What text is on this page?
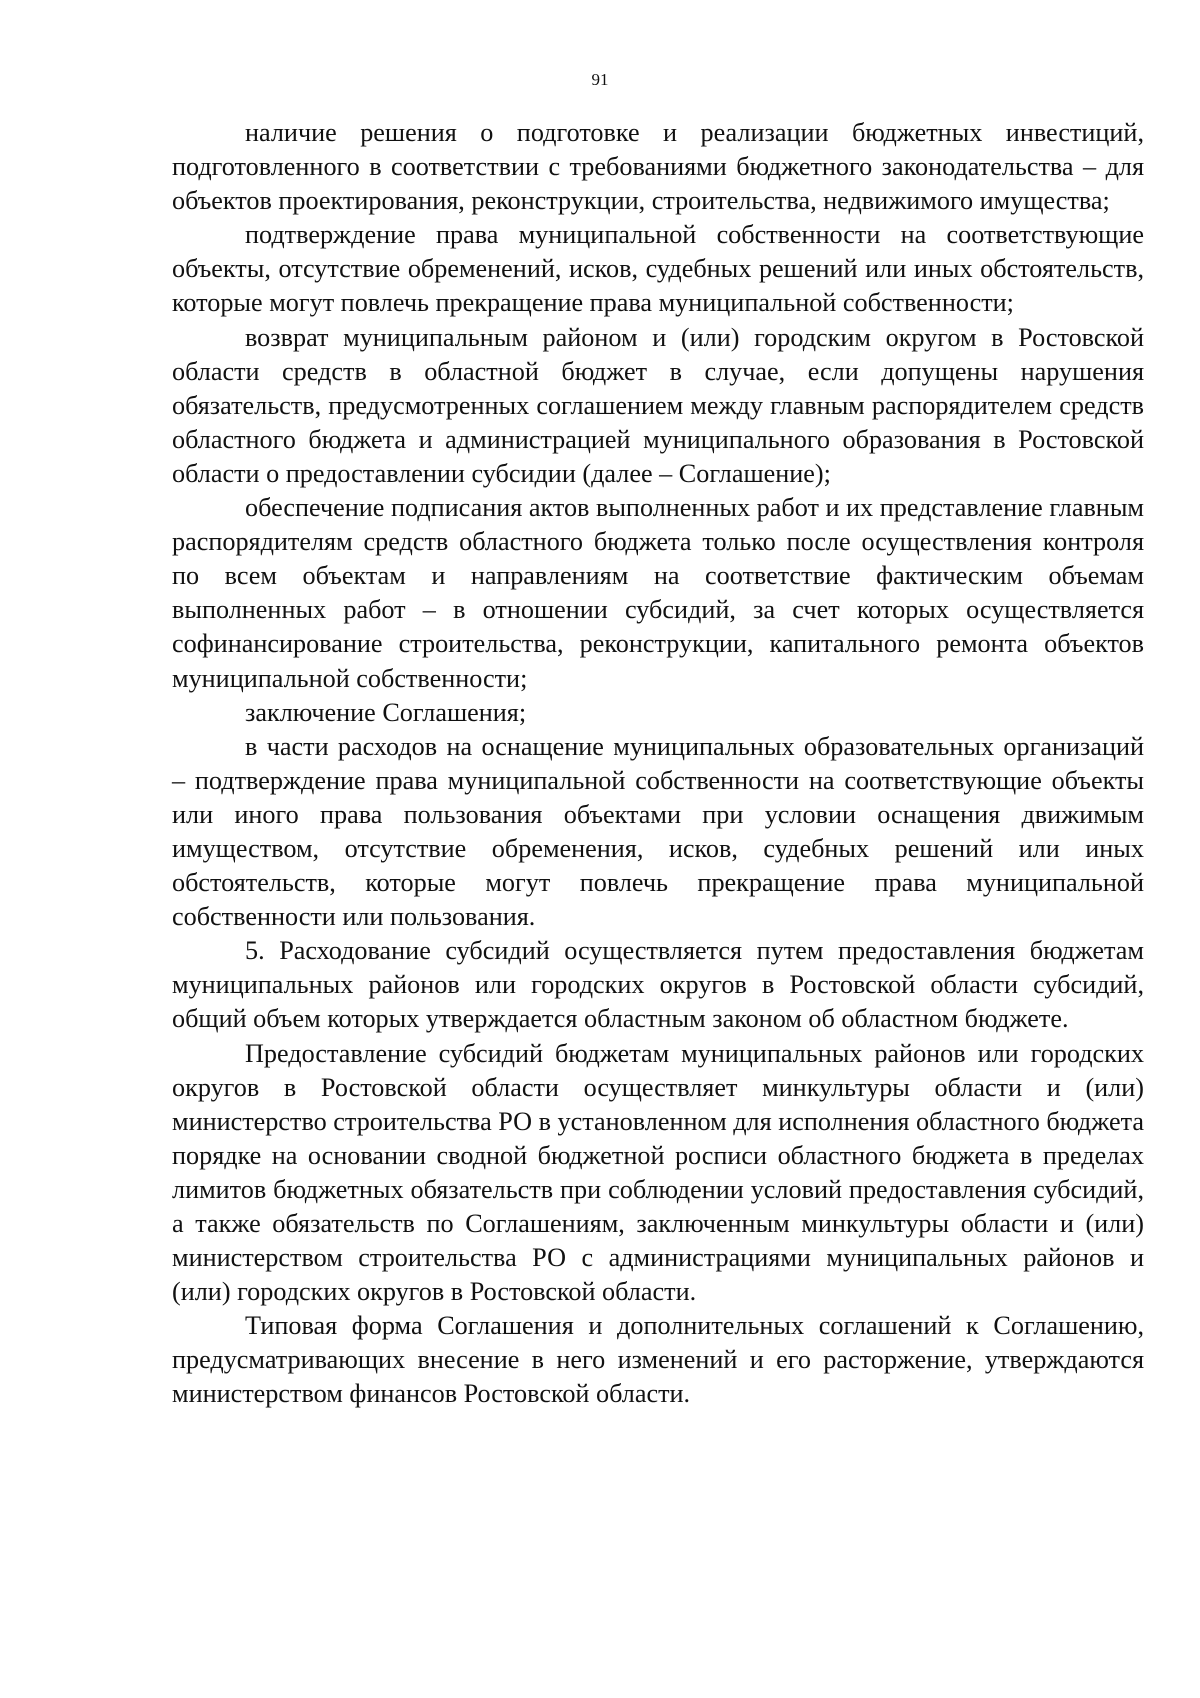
91

наличие решения о подготовке и реализации бюджетных инвестиций, подготовленного в соответствии с требованиями бюджетного законодательства – для объектов проектирования, реконструкции, строительства, недвижимого имущества;

подтверждение права муниципальной собственности на соответствующие объекты, отсутствие обременений, исков, судебных решений или иных обстоятельств, которые могут повлечь прекращение права муниципальной собственности;

возврат муниципальным районом и (или) городским округом в Ростовской области средств в областной бюджет в случае, если допущены нарушения обязательств, предусмотренных соглашением между главным распорядителем средств областного бюджета и администрацией муниципального образования в Ростовской области о предоставлении субсидии (далее – Соглашение);

обеспечение подписания актов выполненных работ и их представление главным распорядителям средств областного бюджета только после осуществления контроля по всем объектам и направлениям на соответствие фактическим объемам выполненных работ – в отношении субсидий, за счет которых осуществляется софинансирование строительства, реконструкции, капитального ремонта объектов муниципальной собственности;

заключение Соглашения;

в части расходов на оснащение муниципальных образовательных организаций – подтверждение права муниципальной собственности на соответствующие объекты или иного права пользования объектами при условии оснащения движимым имуществом, отсутствие обременения, исков, судебных решений или иных обстоятельств, которые могут повлечь прекращение права муниципальной собственности или пользования.

5. Расходование субсидий осуществляется путем предоставления бюджетам муниципальных районов или городских округов в Ростовской области субсидий, общий объем которых утверждается областным законом об областном бюджете.

Предоставление субсидий бюджетам муниципальных районов или городских округов в Ростовской области осуществляет минкультуры области и (или) министерство строительства РО в установленном для исполнения областного бюджета порядке на основании сводной бюджетной росписи областного бюджета в пределах лимитов бюджетных обязательств при соблюдении условий предоставления субсидий, а также обязательств по Соглашениям, заключенным минкультуры области и (или) министерством строительства РО с администрациями муниципальных районов и (или) городских округов в Ростовской области.

Типовая форма Соглашения и дополнительных соглашений к Соглашению, предусматривающих внесение в него изменений и его расторжение, утверждаются министерством финансов Ростовской области.
